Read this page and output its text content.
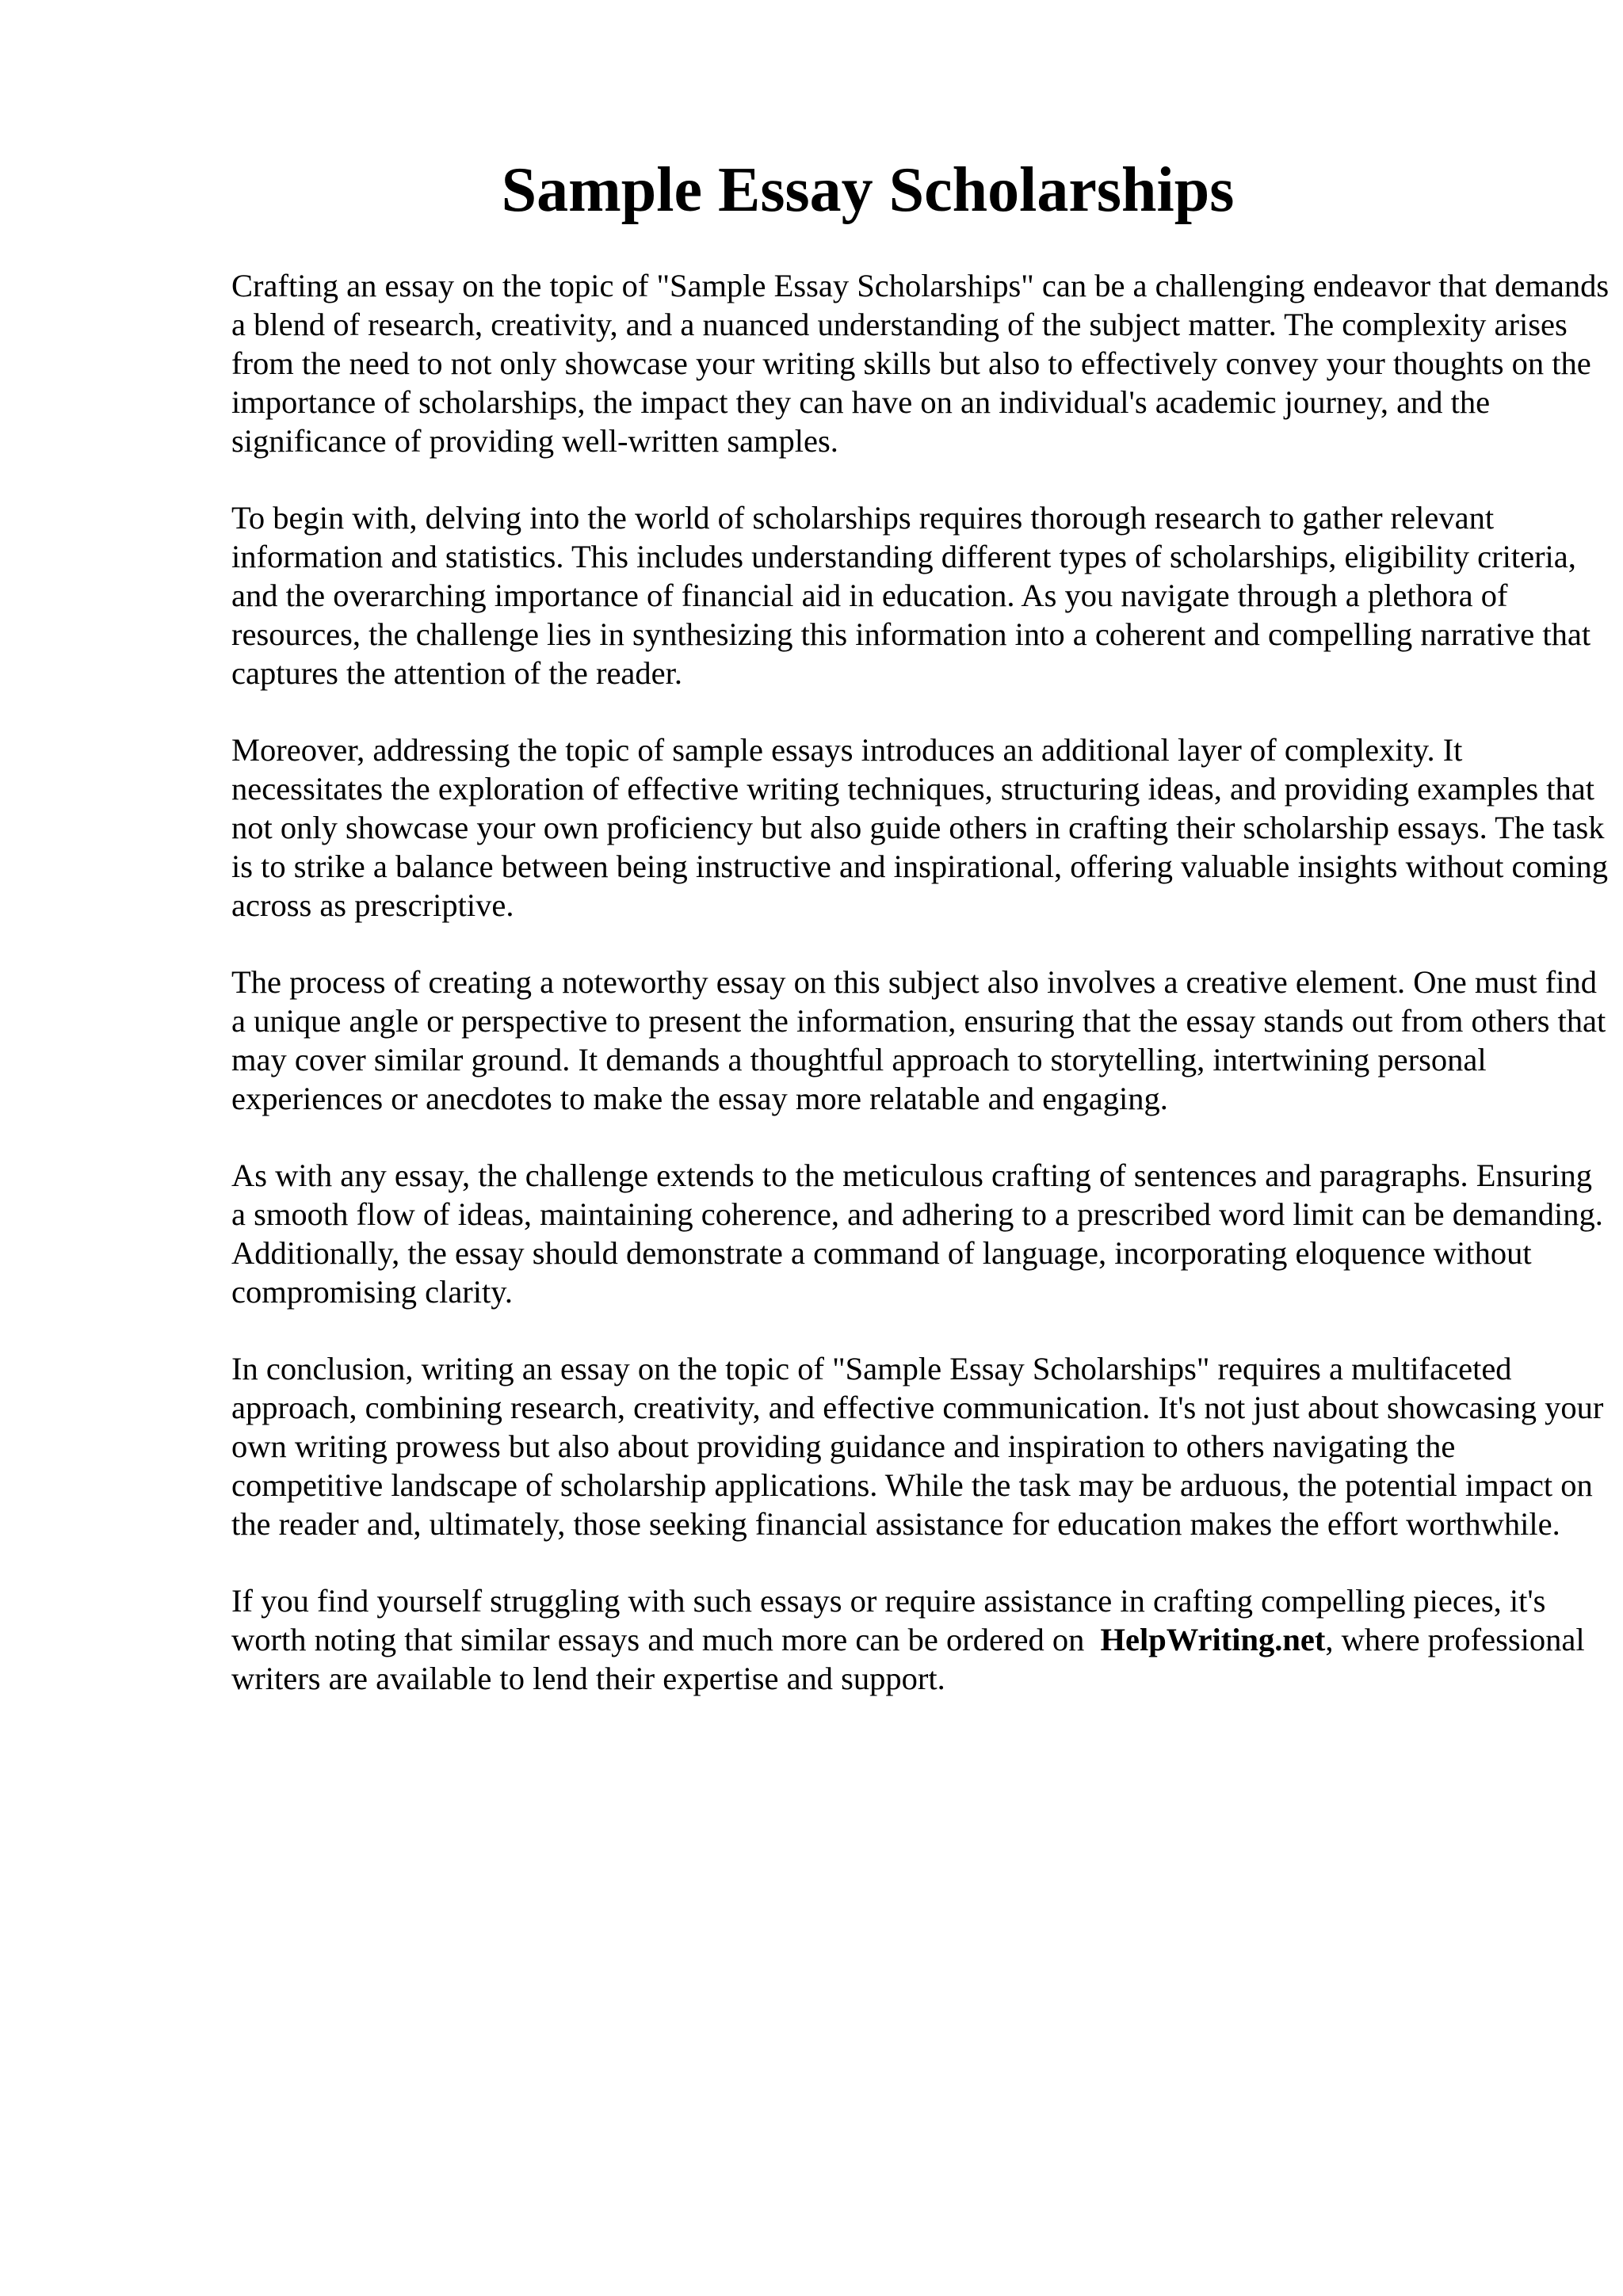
Sample Essay Scholarships

Crafting an essay on the topic of "Sample Essay Scholarships" can be a challenging endeavor that demands a blend of research, creativity, and a nuanced understanding of the subject matter. The complexity arises from the need to not only showcase your writing skills but also to effectively convey your thoughts on the importance of scholarships, the impact they can have on an individual's academic journey, and the significance of providing well-written samples.

To begin with, delving into the world of scholarships requires thorough research to gather relevant information and statistics. This includes understanding different types of scholarships, eligibility criteria, and the overarching importance of financial aid in education. As you navigate through a plethora of resources, the challenge lies in synthesizing this information into a coherent and compelling narrative that captures the attention of the reader.

Moreover, addressing the topic of sample essays introduces an additional layer of complexity. It necessitates the exploration of effective writing techniques, structuring ideas, and providing examples that not only showcase your own proficiency but also guide others in crafting their scholarship essays. The task is to strike a balance between being instructive and inspirational, offering valuable insights without coming across as prescriptive.

The process of creating a noteworthy essay on this subject also involves a creative element. One must find a unique angle or perspective to present the information, ensuring that the essay stands out from others that may cover similar ground. It demands a thoughtful approach to storytelling, intertwining personal experiences or anecdotes to make the essay more relatable and engaging.

As with any essay, the challenge extends to the meticulous crafting of sentences and paragraphs. Ensuring a smooth flow of ideas, maintaining coherence, and adhering to a prescribed word limit can be demanding. Additionally, the essay should demonstrate a command of language, incorporating eloquence without compromising clarity.

In conclusion, writing an essay on the topic of "Sample Essay Scholarships" requires a multifaceted approach, combining research, creativity, and effective communication. It's not just about showcasing your own writing prowess but also about providing guidance and inspiration to others navigating the competitive landscape of scholarship applications. While the task may be arduous, the potential impact on the reader and, ultimately, those seeking financial assistance for education makes the effort worthwhile.

If you find yourself struggling with such essays or require assistance in crafting compelling pieces, it's worth noting that similar essays and much more can be ordered on HelpWriting.net, where professional writers are available to lend their expertise and support.
